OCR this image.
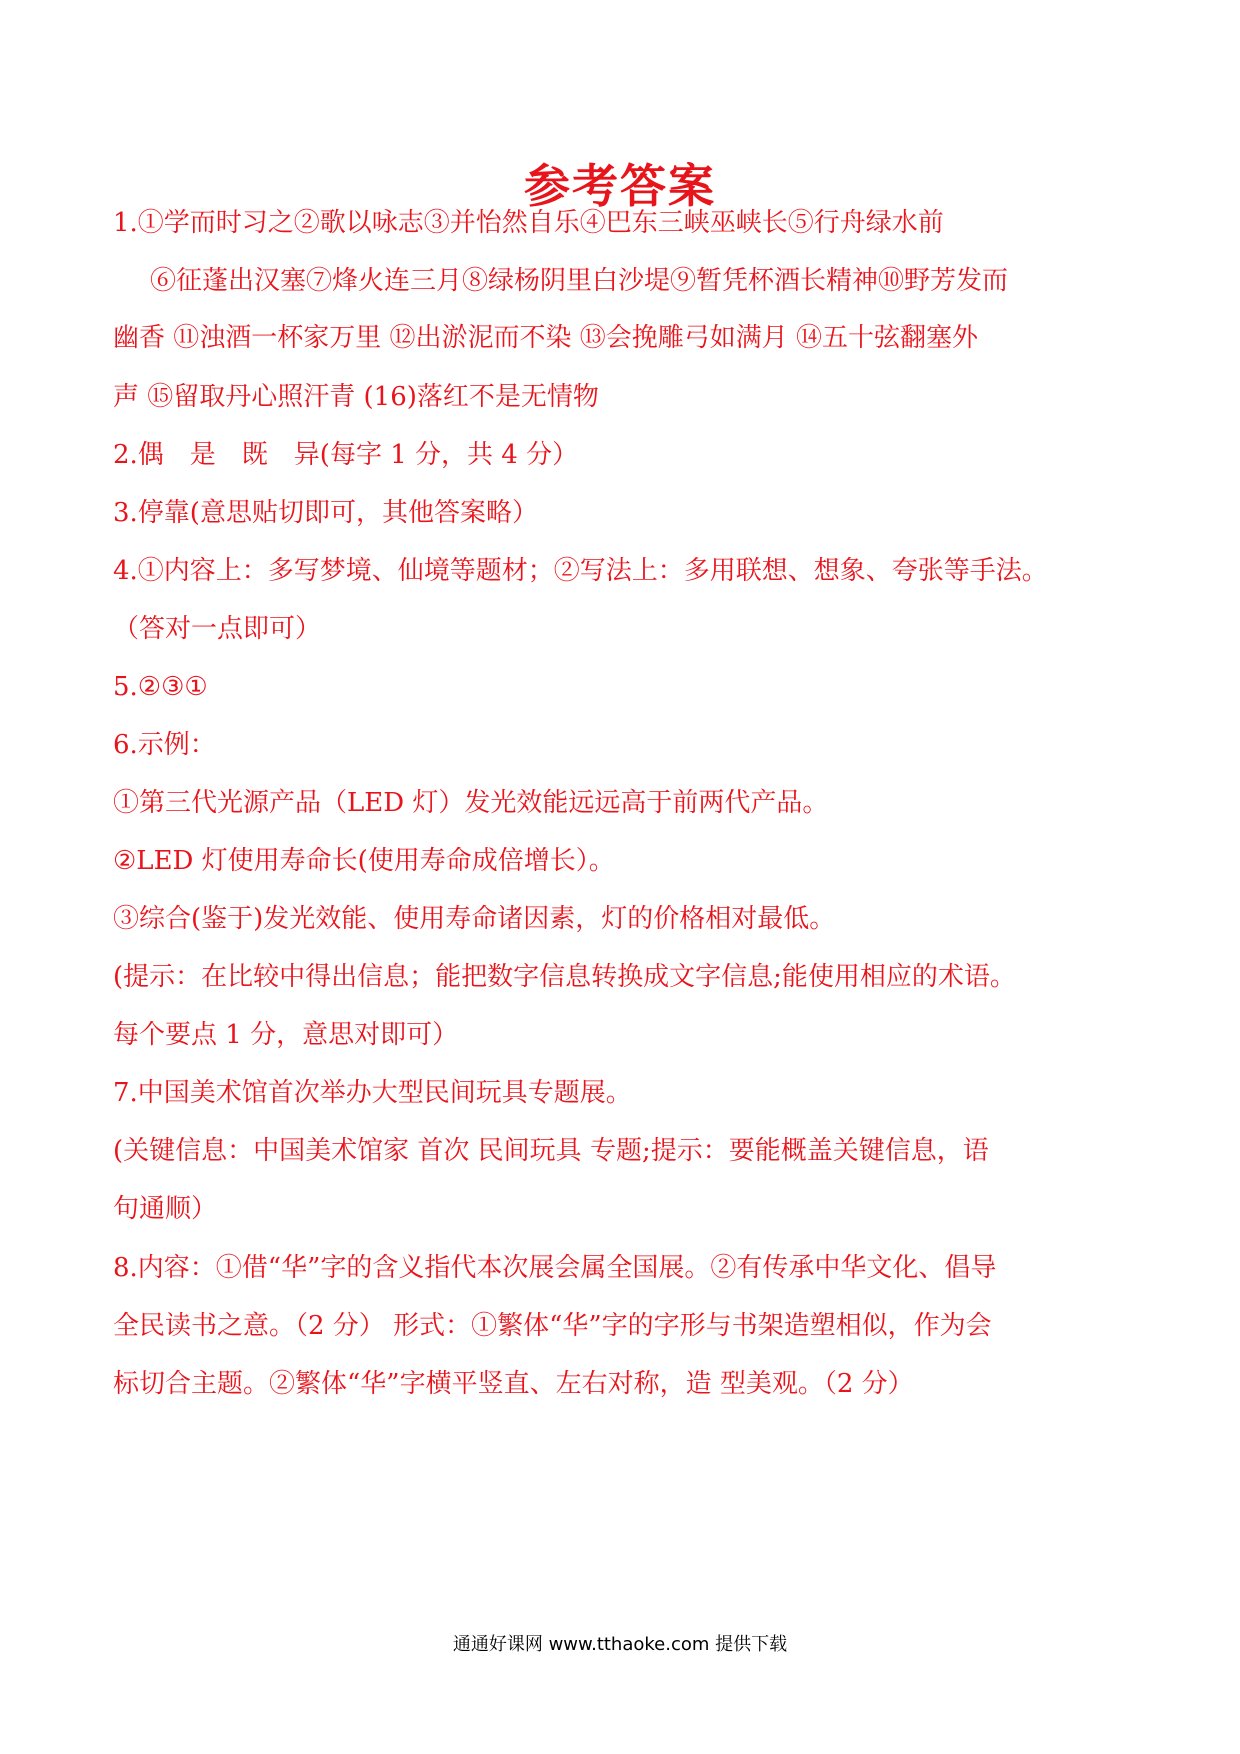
参考答案
1.①学而时习之②歌以咏志③并怡然自乐④巴东三峡巫峡长⑤行舟绿水前
⑥征蓬出汉塞⑦烽火连三月⑧绿杨阴里白沙堤⑨暂凭杯酒长精神⑩野芳发而
幽香 ⑪浊酒一杯家万里 ⑫出淤泥而不染 ⑬会挽雕弓如满月 ⑭五十弦翻塞外
声 ⑮留取丹心照汗青 (16)落红不是无情物
2.偶　是　既　异(每字 1 分，共 4 分）
3.停靠(意思贴切即可，其他答案略）
4.①内容上：多写梦境、仙境等题材；②写法上：多用联想、想象、夸张等手法。
（答对一点即可）
5.②③①
6.示例：
①第三代光源产品（LED 灯）发光效能远远高于前两代产品。
②LED 灯使用寿命长(使用寿命成倍增长）。
③综合(鉴于)发光效能、使用寿命诸因素，灯的价格相对最低。
(提示：在比较中得出信息；能把数字信息转换成文字信息;能使用相应的术语。
每个要点 1 分，意思对即可）
7.中国美术馆首次举办大型民间玩具专题展。
(关键信息：中国美术馆家 首次 民间玩具 专题;提示：要能概盖关键信息，语
句通顺）
8.内容：①借“华”字的含义指代本次展会属全国展。②有传承中华文化、倡导
全民读书之意。（2 分） 形式：①繁体“华”字的字形与书架造塑相似，作为会
标切合主题。②繁体“华”字横平竖直、左右对称，造 型美观。（2 分）
通通好课网 www.tthaoke.com 提供下载
